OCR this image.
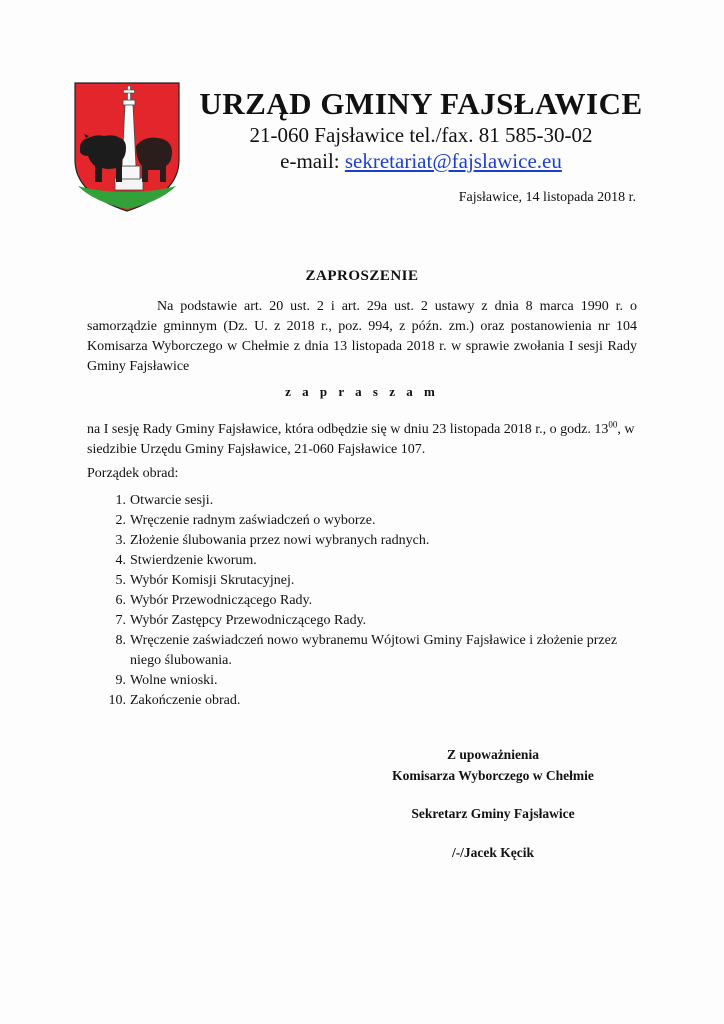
URZĄD GMINY FAJSŁAWICE
21-060 Fajsławice tel./fax. 81 585-30-02
e-mail: sekretariat@fajslawice.eu
Fajsławice, 14 listopada 2018 r.
ZAPROSZENIE
Na podstawie art. 20 ust. 2 i art. 29a ust. 2 ustawy z dnia 8 marca 1990 r. o samorządzie gminnym (Dz. U. z 2018 r., poz. 994, z późn. zm.) oraz postanowienia nr 104 Komisarza Wyborczego w Chełmie z dnia 13 listopada 2018 r. w sprawie zwołania I sesji Rady Gminy Fajsławice
z a p r a s z a m
na I sesję Rady Gminy Fajsławice, która odbędzie się w dniu 23 listopada 2018 r., o godz. $13^{00}$, w siedzibie Urzędu Gminy Fajsławice, 21-060 Fajsławice 107.
Porządek obrad:
1. Otwarcie sesji.
2. Wręczenie radnym zaświadczeń o wyborze.
3. Złożenie ślubowania przez nowi wybranych radnych.
4. Stwierdzenie kworum.
5. Wybór Komisji Skrutacyjnej.
6. Wybór Przewodniczącego Rady.
7. Wybór Zastępcy Przewodniczącego Rady.
8. Wręczenie zaświadczeń nowo wybranemu Wójtowi Gminy Fajsławice i złożenie przez niego ślubowania.
9. Wolne wnioski.
10. Zakończenie obrad.
Z upoważnienia
Komisarza Wyborczego w Chełmie
Sekretarz Gminy Fajsławice
/-/Jacek Kęcik
